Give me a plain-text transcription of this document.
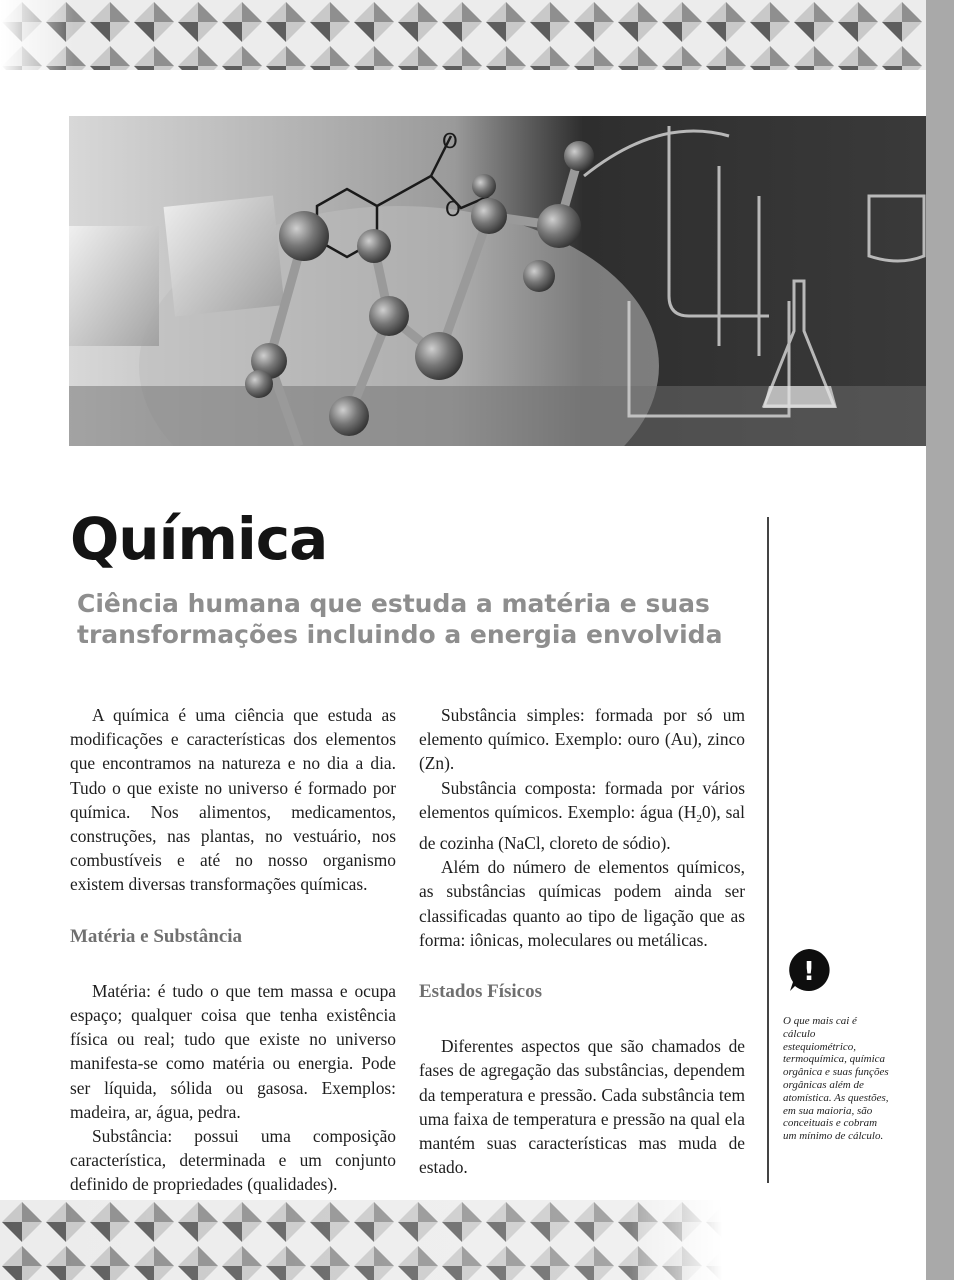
O
O
Química

Ciência humana que estuda a matéria e suas transformações incluindo a energia envolvida

A química é uma ciência que estuda as modificações e características dos elementos que encontramos na natureza e no dia a dia. Tudo o que existe no universo é formado por química. Nos alimentos, medicamentos, construções, nas plantas, no vestuário, nos combustíveis e até no nosso organismo existem diversas transformações químicas.

Matéria e Substância

Matéria: é tudo o que tem massa e ocupa espaço; qualquer coisa que tenha existência física ou real; tudo que existe no universo manifesta-se como matéria ou energia. Pode ser líquida, sólida ou gasosa. Exemplos: madeira, ar, água, pedra.

Substância: possui uma composição característica, determinada e um conjunto definido de propriedades (qualidades).

Substância simples: formada por só um elemento químico. Exemplo: ouro (Au), zinco (Zn).

Substância composta: formada por vários elementos químicos. Exemplo: água $(H_20)$, sal de cozinha (NaCl, cloreto de sódio).

Além do número de elementos químicos, as substâncias químicas podem ainda ser classificadas quanto ao tipo de ligação que as forma: iônicas, moleculares ou metálicas.

Estados Físicos

Diferentes aspectos que são chamados de fases de agregação das substâncias, dependem da temperatura e pressão. Cada substância tem uma faixa de temperatura e pressão na qual ela mantém suas características mas muda de estado.

!

O que mais cai é cálculo estequiométrico, termoquímica, química orgânica e suas funções orgânicas além de atomística. As questões, em sua maioria, são conceituais e cobram um mínimo de cálculo.
